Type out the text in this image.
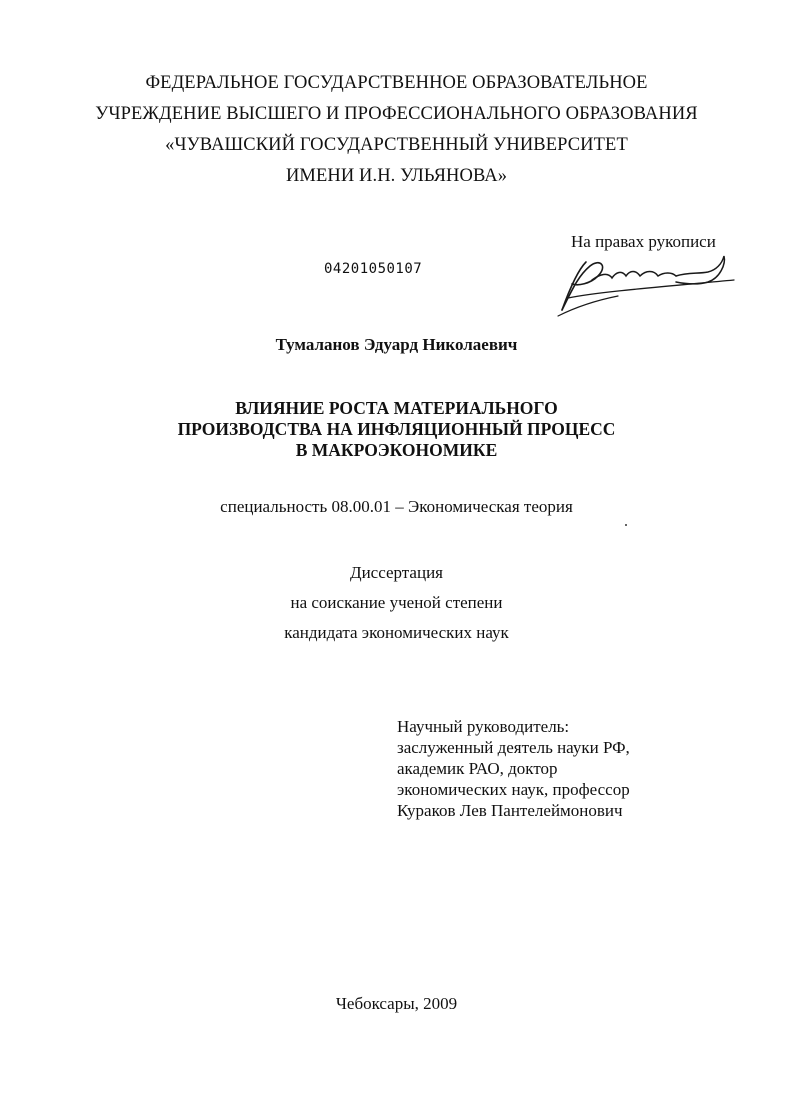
ФЕДЕРАЛЬНОЕ ГОСУДАРСТВЕННОЕ ОБРАЗОВАТЕЛЬНОЕ
УЧРЕЖДЕНИЕ ВЫСШЕГО И ПРОФЕССИОНАЛЬНОГО ОБРАЗОВАНИЯ
«ЧУВАШСКИЙ ГОСУДАРСТВЕННЫЙ УНИВЕРСИТЕТ
ИМЕНИ И.Н. УЛЬЯНОВА»
На правах рукописи
04201050107
Тумаланов Эдуард Николаевич
ВЛИЯНИЕ РОСТА МАТЕРИАЛЬНОГО
ПРОИЗВОДСТВА НА ИНФЛЯЦИОННЫЙ ПРОЦЕСС
В МАКРОЭКОНОМИКЕ
специальность 08.00.01 – Экономическая теория
Диссертация
на соискание ученой степени
кандидата экономических наук
Научный руководитель:
заслуженный деятель науки РФ,
академик РАО, доктор
экономических наук, профессор
Кураков Лев Пантелеймонович
Чебоксары, 2009
